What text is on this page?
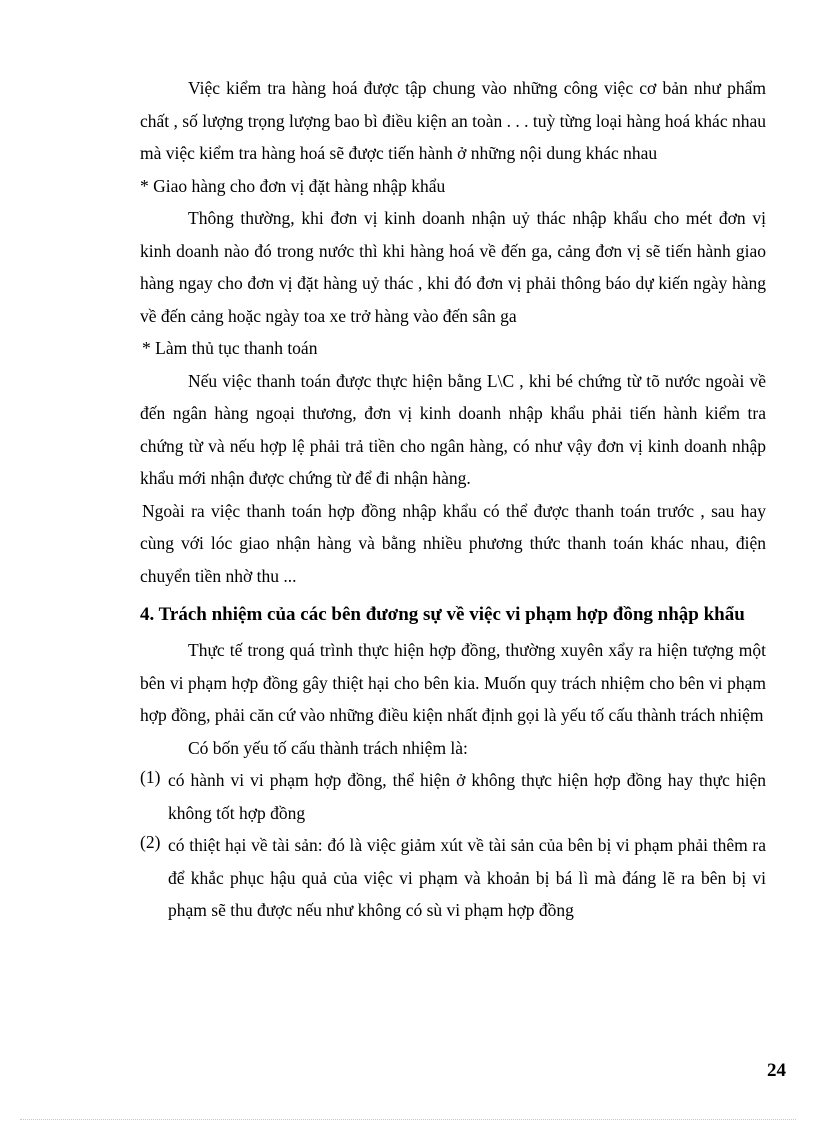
Việc kiểm tra hàng hoá được tập chung vào những công việc cơ bản như phẩm chất , số lượng trọng lượng bao bì điều kiện an toàn . . . tuỳ từng loại hàng hoá khác nhau mà việc kiểm tra hàng hoá sẽ được tiến hành ở những nội dung khác nhau

* Giao hàng cho đơn vị đặt hàng nhập khẩu

Thông thường, khi đơn vị kinh doanh nhận uỷ thác nhập khẩu cho mét đơn vị kinh doanh nào đó trong nước thì khi hàng hoá về đến ga, cảng đơn vị sẽ tiến hành giao hàng ngay cho đơn vị đặt hàng uỷ thác , khi đó đơn vị phải thông báo dự kiến ngày hàng về đến cảng hoặc ngày toa xe trở hàng vào đến sân ga

* Làm thủ tục thanh toán

Nếu việc thanh toán được thực hiện bằng L\C , khi bé chứng từ tõ nước ngoài về đến ngân hàng ngoại thương, đơn vị kinh doanh nhập khẩu phải tiến hành kiểm tra chứng từ và nếu hợp lệ phải trả tiền cho ngân hàng, có như vậy đơn vị kinh doanh nhập khẩu mới nhận được chứng từ để đi nhận hàng.

Ngoài ra việc thanh toán hợp đồng nhập khẩu có thể được thanh toán trước , sau hay cùng với lóc giao nhận hàng và bằng nhiều phương thức thanh toán khác nhau, điện chuyển tiền nhờ thu ...

4. Trách nhiệm của các bên đương sự về việc vi phạm hợp đồng nhập khẩu

Thực tế trong quá trình thực hiện hợp đồng, thường xuyên xẩy ra hiện tượng một bên vi phạm hợp đồng gây thiệt hại cho bên kia. Muốn quy trách nhiệm cho bên vi phạm hợp đồng, phải căn cứ vào những điều kiện nhất định gọi là yếu tố cấu thành trách nhiệm

Có bốn yếu tố cấu thành trách nhiệm là:

(1) có hành vi vi phạm hợp đồng, thể hiện ở không thực hiện hợp đồng hay thực hiện không tốt hợp đồng

(2) có thiệt hại về tài sản: đó là việc giảm xút về tài sản của bên bị vi phạm phải thêm ra để khắc phục hậu quả của việc vi phạm và khoản bị bá lì mà đáng lẽ ra bên bị vi phạm sẽ thu được nếu như không có sù vi phạm hợp đồng

24
